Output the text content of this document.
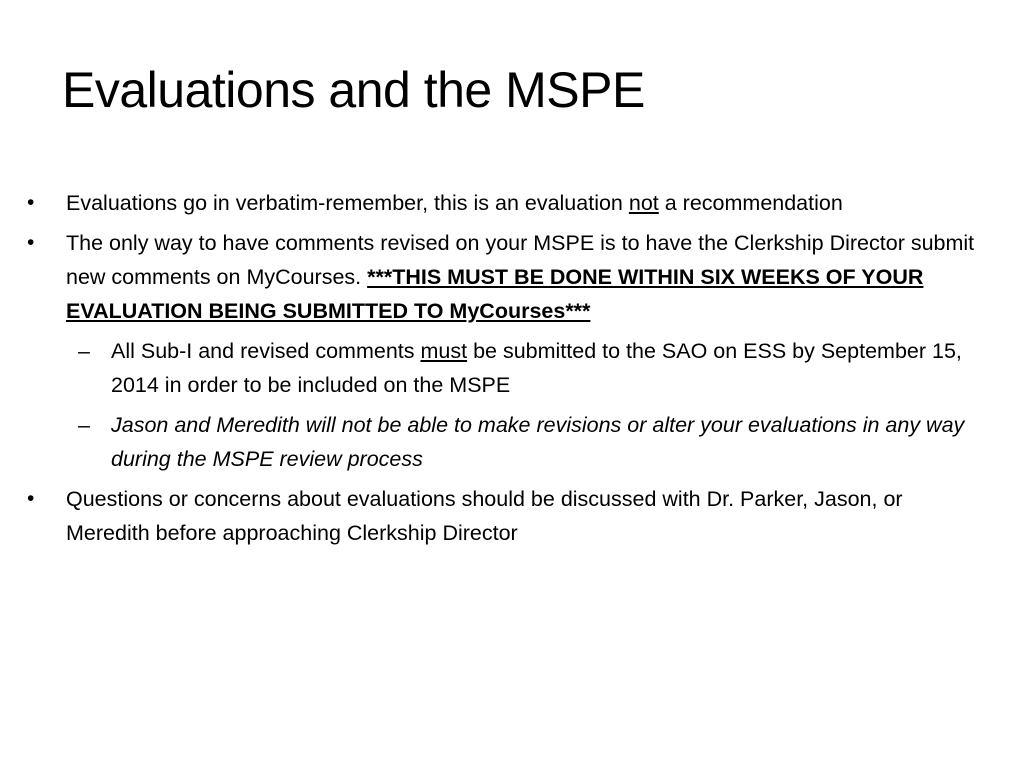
Evaluations and the MSPE
• Evaluations go in verbatim-remember, this is an evaluation not a recommendation
• The only way to have comments revised on your MSPE is to have the Clerkship Director submit new comments on MyCourses. ***THIS MUST BE DONE WITHIN SIX WEEKS OF YOUR EVALUATION BEING SUBMITTED TO MyCourses***
– All Sub-I and revised comments must be submitted to the SAO on ESS by September 15, 2014 in order to be included on the MSPE
– Jason and Meredith will not be able to make revisions or alter your evaluations in any way during the MSPE review process
• Questions or concerns about evaluations should be discussed with Dr. Parker, Jason, or Meredith before approaching Clerkship Director
